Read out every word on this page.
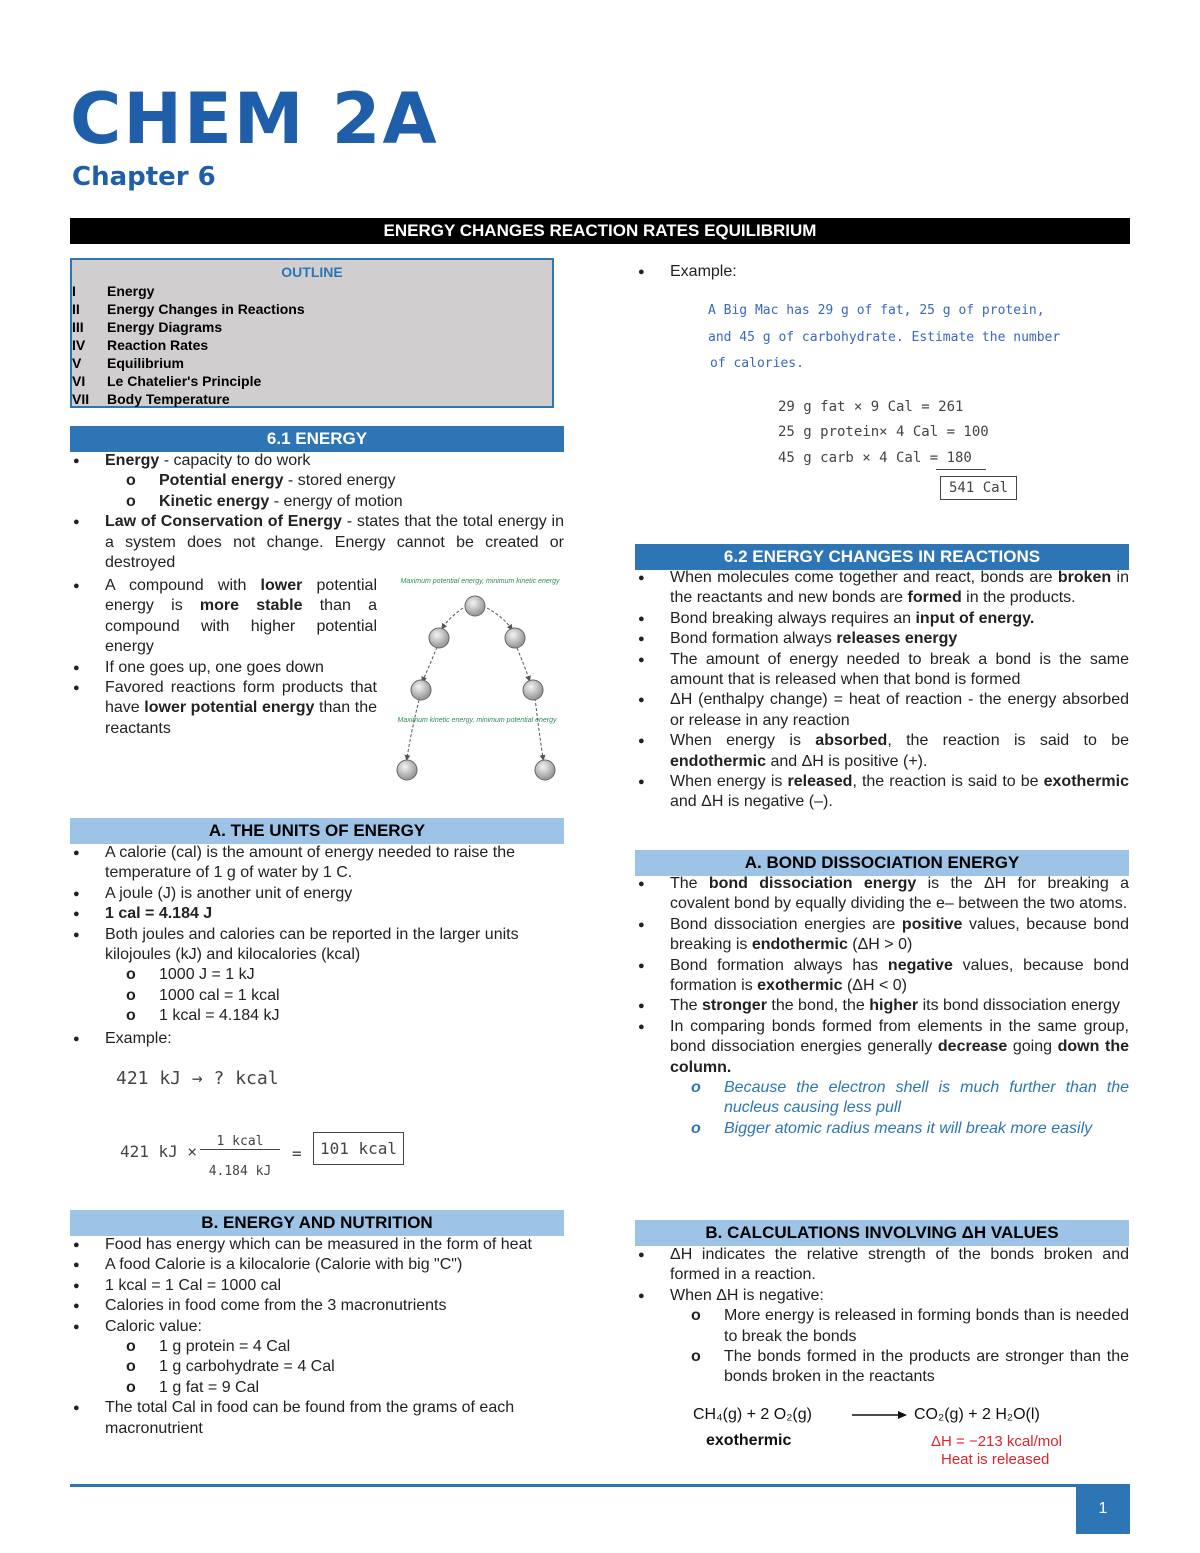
CHEM 2A
Chapter 6
ENERGY CHANGES REACTION RATES EQUILIBRIUM
OUTLINE
I Energy
II Energy Changes in Reactions
III Energy Diagrams
IV Reaction Rates
V Equilibrium
VI Le Chatelier's Principle
VII Body Temperature
6.1 ENERGY
● Energy - capacity to do work
o Potential energy - stored energy
o Kinetic energy - energy of motion
● Law of Conservation of Energy - states that the total energy in a system does not change. Energy cannot be created or destroyed
● A compound with lower potential energy is more stable than a compound with higher potential energy
● If one goes up, one goes down
● Favored reactions form products that have lower potential energy than the reactants
Maximum potential energy, minimum kinetic energy
Maximum kinetic energy, minimum potential energy
A. THE UNITS OF ENERGY
● A calorie (cal) is the amount of energy needed to raise the temperature of 1 g of water by 1 C.
● A joule (J) is another unit of energy
● 1 cal = 4.184 J
● Both joules and calories can be reported in the larger units kilojoules (kJ) and kilocalories (kcal)
o 1000 J = 1 kJ
o 1000 cal = 1 kcal
o 1 kcal = 4.184 kJ
● Example:
421 kJ → ? kcal
421 kJ ×
1 kcal
4.184 kJ
=	101 kcal
B. ENERGY AND NUTRITION
● Food has energy which can be measured in the form of heat
● A food Calorie is a kilocalorie (Calorie with big "C")
● 1 kcal = 1 Cal = 1000 cal
● Calories in food come from the 3 macronutrients
● Caloric value:
o 1 g protein = 4 Cal
o 1 g carbohydrate = 4 Cal
o 1 g fat = 9 Cal
● The total Cal in food can be found from the grams of each macronutrient
● Example:
A Big Mac has 29 g of fat, 25 g of protein,
and 45 g of carbohydrate. Estimate the number
of calories.
29 g fat × 9 Cal = 261
25 g protein× 4 Cal = 100
45 g carb × 4 Cal = 180
541 Cal
6.2 ENERGY CHANGES IN REACTIONS
● When molecules come together and react, bonds are broken in the reactants and new bonds are formed in the products.
● Bond breaking always requires an input of energy.
● Bond formation always releases energy
● The amount of energy needed to break a bond is the same amount that is released when that bond is formed
● ΔH (enthalpy change) = heat of reaction - the energy absorbed or release in any reaction
● When energy is absorbed, the reaction is said to be endothermic and ΔH is positive (+).
● When energy is released, the reaction is said to be exothermic and ΔH is negative (–).
A. BOND DISSOCIATION ENERGY
● The bond dissociation energy is the ΔH for breaking a covalent bond by equally dividing the e– between the two atoms.
● Bond dissociation energies are positive values, because bond breaking is endothermic (ΔH > 0)
● Bond formation always has negative values, because bond formation is exothermic (ΔH < 0)
● The stronger the bond, the higher its bond dissociation energy
● In comparing bonds formed from elements in the same group, bond dissociation energies generally decrease going down the column.
o Because the electron shell is much further than the nucleus causing less pull
o Bigger atomic radius means it will break more easily
B. CALCULATIONS INVOLVING ΔH VALUES
● ΔH indicates the relative strength of the bonds broken and formed in a reaction.
● When ΔH is negative:
o More energy is released in forming bonds than is needed to break the bonds
o The bonds formed in the products are stronger than the bonds broken in the reactants
CH₄(g) + 2 O₂(g)	→ CO₂(g) + 2 H₂O(l)
exothermic	ΔH = −213 kcal/mol
Heat is released
1
